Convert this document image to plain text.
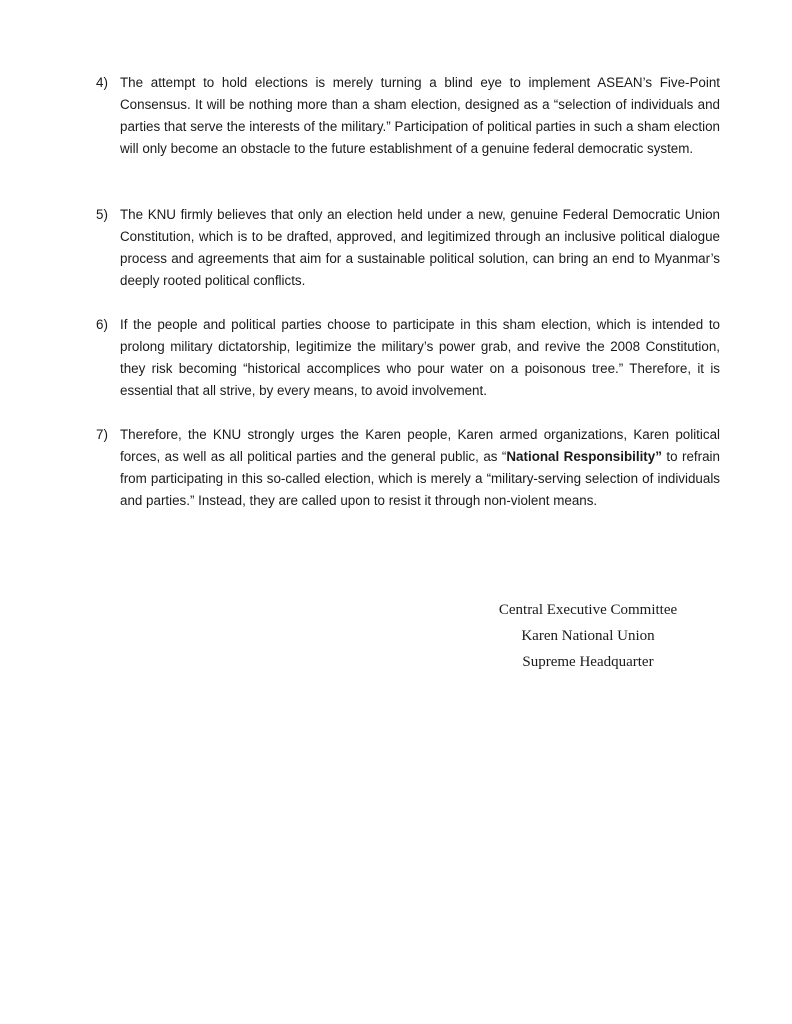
4) The attempt to hold elections is merely turning a blind eye to implement ASEAN’s Five-Point Consensus. It will be nothing more than a sham election, designed as a “selection of individuals and parties that serve the interests of the military.” Participation of political parties in such a sham election will only become an obstacle to the future establishment of a genuine federal democratic system.
5) The KNU firmly believes that only an election held under a new, genuine Federal Democratic Union Constitution, which is to be drafted, approved, and legitimized through an inclusive political dialogue process and agreements that aim for a sustainable political solution, can bring an end to Myanmar’s deeply rooted political conflicts.
6) If the people and political parties choose to participate in this sham election, which is intended to prolong military dictatorship, legitimize the military’s power grab, and revive the 2008 Constitution, they risk becoming “historical accomplices who pour water on a poisonous tree.” Therefore, it is essential that all strive, by every means, to avoid involvement.
7) Therefore, the KNU strongly urges the Karen people, Karen armed organizations, Karen political forces, as well as all political parties and the general public, as “National Responsibility” to refrain from participating in this so-called election, which is merely a “military-serving selection of individuals and parties.” Instead, they are called upon to resist it through non-violent means.
Central Executive Committee
Karen National Union
Supreme Headquarter
